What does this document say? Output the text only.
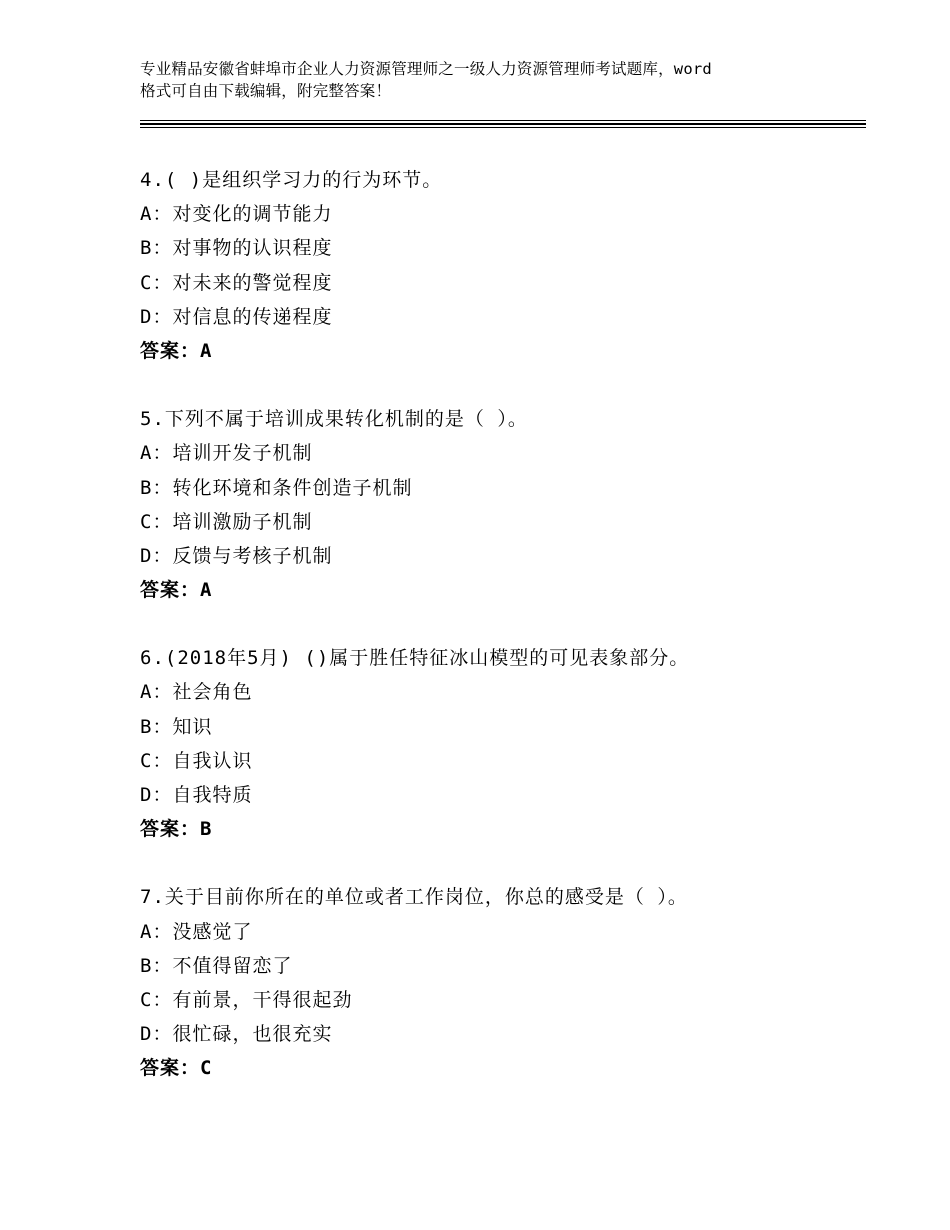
专业精品安徽省蚌埠市企业人力资源管理师之一级人力资源管理师考试题库，word
格式可自由下载编辑，附完整答案！
4.( )是组织学习力的行为环节。
A：对变化的调节能力
B：对事物的认识程度
C：对未来的警觉程度
D：对信息的传递程度
答案：A
5.下列不属于培训成果转化机制的是（ ）。
A：培训开发子机制
B：转化环境和条件创造子机制
C：培训激励子机制
D：反馈与考核子机制
答案：A
6.(2018年5月) ()属于胜任特征冰山模型的可见表象部分。
A：社会角色
B：知识
C：自我认识
D：自我特质
答案：B
7.关于目前你所在的单位或者工作岗位，你总的感受是（ ）。
A：没感觉了
B：不值得留恋了
C：有前景，干得很起劲
D：很忙碌，也很充实
答案：C
